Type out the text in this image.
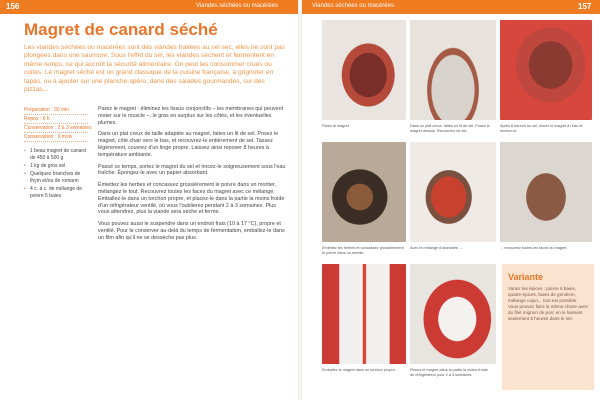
156	Viandes séchées ou macérées	Viandes séchées ou macérées	157
Magret de canard séché

Les viandes séchées ou macérées sont des viandes traitées au sel sec, elles ne sont pas plongées dans une saumure. Sous l'effet du sel, les viandes sèchent et fermentent en même temps, ce qui accroît la sécurité alimentaire. On peut les consommer crues ou cuites. Le magret séché est un grand classique de la cuisine française, à grignoter en tapas, ou à ajouter sur une planche apéro, dans des salades gourmandes, sur des pizzas...

Préparation : 30 min
Repos : 6 h
Conservation : 2 à 3 semaines
Conservation : 6 mois
• 1 beau magret de canard de 450 à 500 g
• 1 kg de gros sel
• Quelques branches de thym et/ou de romarin
• 4 c. à c. de mélange de poivre 5 baies

Parez le magret : éliminez les tissus conjonctifs – les membranes qui peuvent rester sur le muscle –, le gras en surplus sur les côtés, et les éventuelles plumes.

Dans un plat creux de taille adaptée au magret, faites un lit de sel. Posez le magret, côté chair vers le bas, et recouvrez-le entièrement de sel. Tassez légèrement, couvrez d'un linge propre. Laissez ainsi reposer 8 heures à température ambiante.

Passé ce temps, sortez le magret du sel et rincez-le soigneusement sous l'eau fraîche. Épongez-le avec un papier absorbant.

Émiettez les herbes et concassez grossièrement le poivre dans un mortier, mélangez le tout. Recouvrez toutes les faces du magret avec ce mélange. Emballez-le dans un torchon propre, et placez-le dans la partie la moins froide d'un réfrigérateur ventilé, où vous l'oublierez pendant 2 à 3 semaines. Plus vous attendrez, plus la viande sera sèche et ferme.

Vous pouvez aussi le suspendre dans un endroit frais (10 à 17 °C), propre et ventilé. Pour le conserver au-delà du temps de fermentation, emballez-le dans un film afin qu'il ne se dessèche pas plus.

Parez le magret.	Dans un plat creux, faites un lit de sel. Posez le magret dessus. Recouvrez de sel.
Après 8 heures au sel, rincez le magret à l'eau et séchez-le.
Émiettez les herbes et concassez grossièrement le poivre dans un mortier.
Avec le mélange d'aromates, ...	... recouvrez toutes les faces du magret.
Emballez le magret dans un torchon propre.	Placez le magret dans la partie la moins froide du réfrigérateur pour 2 à 3 semaines.
Variante
Variez les épices : poivre 5 baies, quatre-épices, baies de genièvre, mélange cajun... tout est possible. Vous pouvez faire la même chose avec du filet mignon de porc en le laissant seulement 8 heures dans le sel.
